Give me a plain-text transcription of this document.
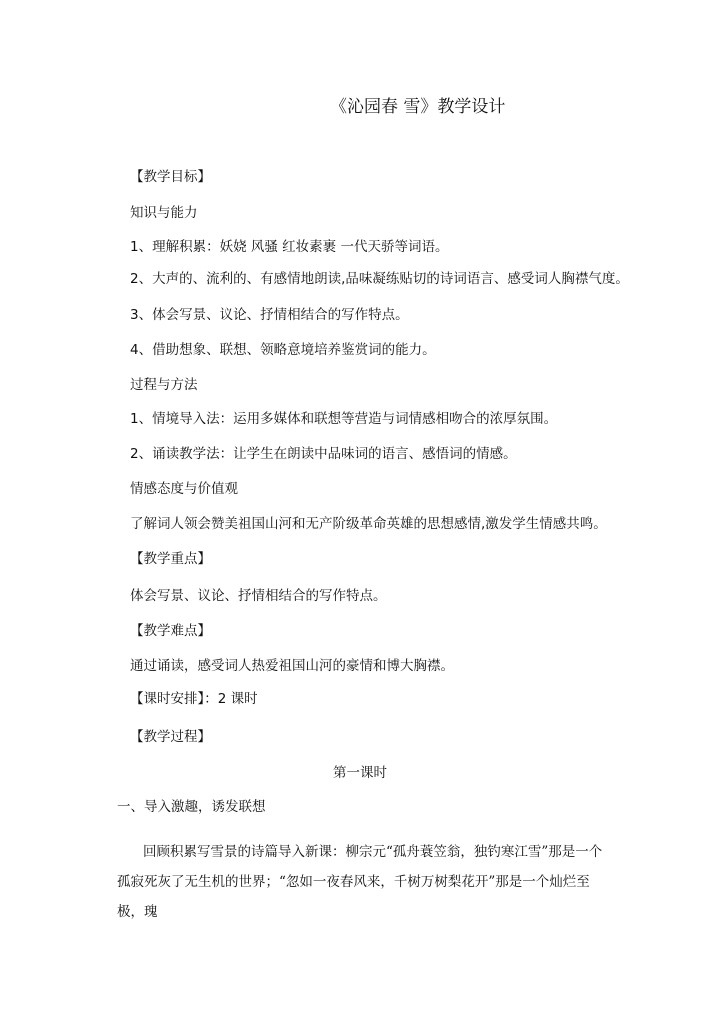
《沁园春 雪》教学设计
【教学目标】
知识与能力
1、理解积累：妖娆 风骚 红妆素裹 一代天骄等词语。
2、大声的、流利的、有感情地朗读,品味凝练贴切的诗词语言、感受词人胸襟气度。
3、体会写景、议论、抒情相结合的写作特点。
4、借助想象、联想、领略意境培养鉴赏词的能力。
过程与方法
1、情境导入法：运用多媒体和联想等营造与词情感相吻合的浓厚氛围。
2、诵读教学法：让学生在朗读中品味词的语言、感悟词的情感。
情感态度与价值观
了解词人领会赞美祖国山河和无产阶级革命英雄的思想感情,激发学生情感共鸣。
【教学重点】
体会写景、议论、抒情相结合的写作特点。
【教学难点】
通过诵读，感受词人热爱祖国山河的豪情和博大胸襟。
【课时安排】：2 课时
【教学过程】
第一课时
一、导入激趣，诱发联想
回顾积累写雪景的诗篇导入新课：柳宗元“孤舟蓑笠翁，独钓寒江雪”那是一个孤寂死灰了无生机的世界；“忽如一夜春风来，千树万树梨花开”那是一个灿烂至极，瑰
